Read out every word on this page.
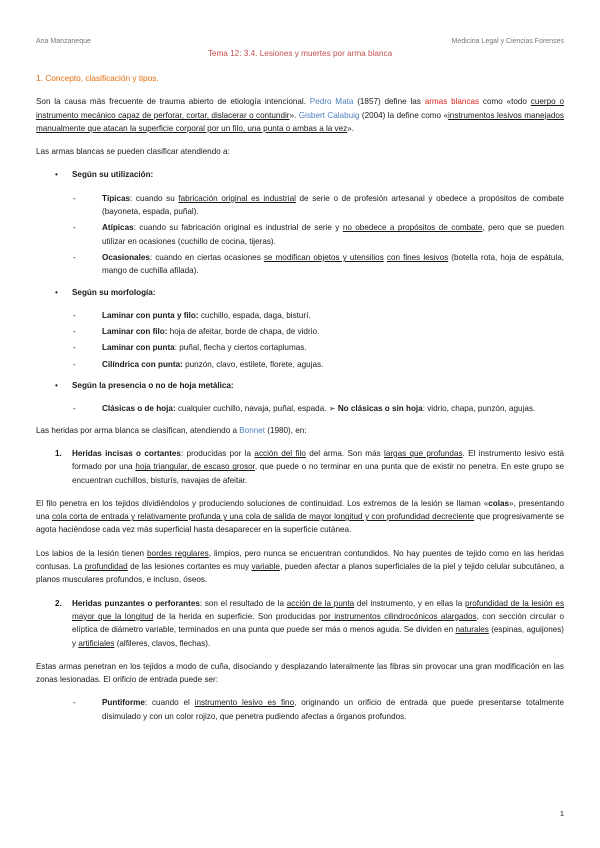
Ana Manzaneque	Medicina Legal y Ciencias Forenses
Tema 12: 3.4. Lesiones y muertes por arma blanca
1. Concepto, clasificación y tipos.

Son la causa más frecuente de trauma abierto de etiología intencional. Pedro Mata (1857) define las armas blancas como «todo cuerpo o instrumento mecánico capaz de perforar, cortar, dislacerar o contundir». Gisbert Calabuig (2004) la define como «instrumentos lesivos manejados manualmente que atacan la superficie corporal por un filo, una punta o ambas a la vez».

Las armas blancas se pueden clasificar atendiendo a:

• Según su utilización:
-	Típicas: cuando su fabricación original es industrial de serie o de profesión artesanal y obedece a propósitos de combate (bayoneta, espada, puñal).
-	Atípicas: cuando su fabricación original es industrial de serie y no obedece a propósitos de combate, pero que se pueden utilizar en ocasiones (cuchillo de cocina, tijeras).
-	Ocasionales: cuando en ciertas ocasiones se modifican objetos y utensilios con fines lesivos (botella rota, hoja de espátula, mango de cuchilla afilada).
• Según su morfología:
-	Laminar con punta y filo: cuchillo, espada, daga, bisturí.
-	Laminar con filo: hoja de afeitar, borde de chapa, de vidrio.
-	Laminar con punta: puñal, flecha y ciertos cortaplumas.
-	Cilíndrica con punta: punzón, clavo, estilete, florete, agujas.
• Según la presencia o no de hoja metálica:
-	Clásicas o de hoja: cualquier cuchillo, navaja, puñal, espada. ➢ No clásicas o sin hoja: vidrio, chapa, punzón, agujas.

Las heridas por arma blanca se clasifican, atendiendo a Bonnet (1980), en:

1. Heridas incisas o cortantes: producidas por la acción del filo del arma. Son más largas que profundas. El instrumento lesivo está formado por una hoja triangular, de escaso grosor, que puede o no terminar en una punta que de existir no penetra. En este grupo se encuentran cuchillos, bisturís, navajas de afeitar.

El filo penetra en los tejidos dividiéndolos y produciendo soluciones de continuidad. Los extremos de la lesión se llaman «colas», presentando una cola corta de entrada y relativamente profunda y una cola de salida de mayor longitud y con profundidad decreciente que progresivamente se agota haciéndose cada vez más superficial hasta desaparecer en la superficie cutánea.

Los labios de la lesión tienen bordes regulares, limpios, pero nunca se encuentran contundidos. No hay puentes de tejido como en las heridas contusas. La profundidad de las lesiones cortantes es muy variable, pueden afectar a planos superficiales de la piel y tejido celular subcutáneo, a planos musculares profundos, e incluso, óseos.

2. Heridas punzantes o perforantes: son el resultado de la acción de la punta del instrumento, y en ellas la profundidad de la lesión es mayor que la longitud de la herida en superficie. Son producidas por instrumentos cilindrocónicos alargados, con sección circular o elíptica de diámetro variable, terminados en una punta que puede ser más o menos aguda. Se dividen en naturales (espinas, aguijones) y artificiales (alfileres, clavos, flechas).

Estas armas penetran en los tejidos a modo de cuña, disociando y desplazando lateralmente las fibras sin provocar una gran modificación en las zonas lesionadas. El orificio de entrada puede ser:

-	Puntiforme: cuando el instrumento lesivo es fino, originando un orificio de entrada que puede presentarse totalmente disimulado y con un color rojizo, que penetra pudiendo afectas a órganos profundos.
1
